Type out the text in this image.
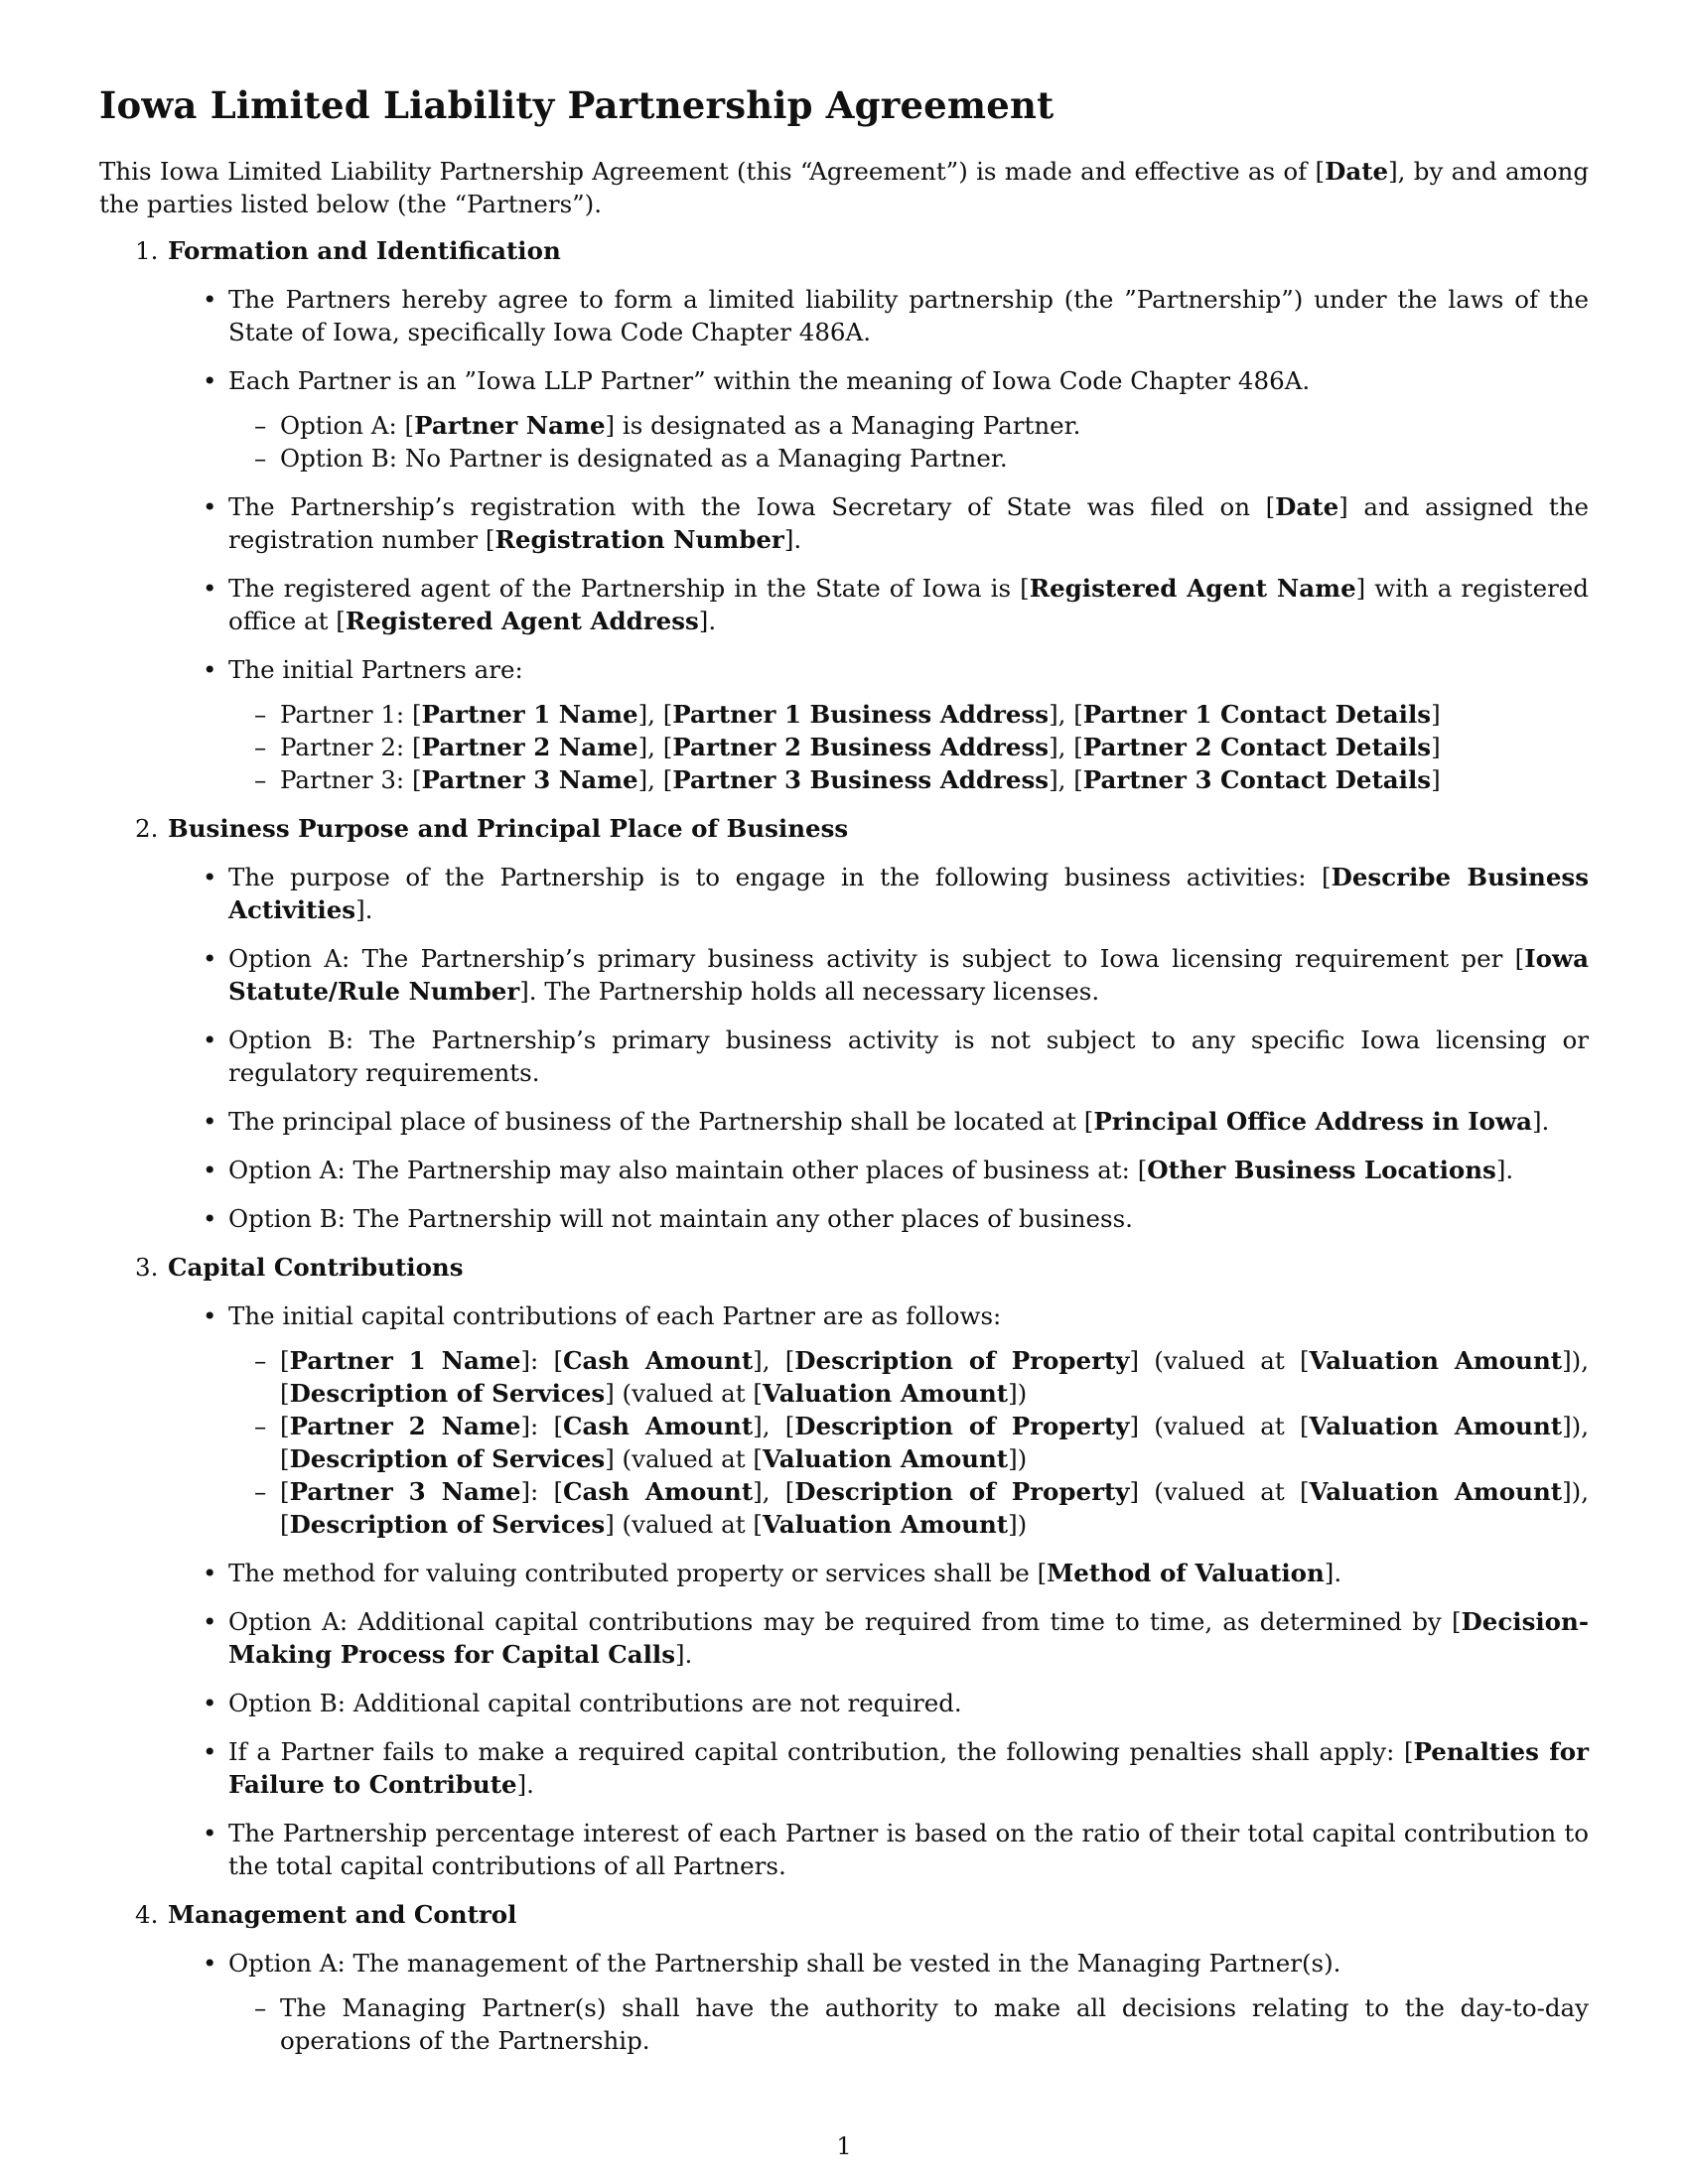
Iowa Limited Liability Partnership Agreement

This Iowa Limited Liability Partnership Agreement (this “Agreement”) is made and effective as of [Date], by and among the parties listed below (the “Partners”).

1. Formation and Identification
• The Partners hereby agree to form a limited liability partnership (the ”Partnership”) under the laws of the State of Iowa, specifically Iowa Code Chapter 486A.
• Each Partner is an ”Iowa LLP Partner” within the meaning of Iowa Code Chapter 486A.
– Option A: [Partner Name] is designated as a Managing Partner.
– Option B: No Partner is designated as a Managing Partner.
• The Partnership’s registration with the Iowa Secretary of State was filed on [Date] and assigned the registration number [Registration Number].
• The registered agent of the Partnership in the State of Iowa is [Registered Agent Name] with a registered office at [Registered Agent Address].
• The initial Partners are:
– Partner 1: [Partner 1 Name], [Partner 1 Business Address], [Partner 1 Contact Details]
– Partner 2: [Partner 2 Name], [Partner 2 Business Address], [Partner 2 Contact Details]
– Partner 3: [Partner 3 Name], [Partner 3 Business Address], [Partner 3 Contact Details]
2. Business Purpose and Principal Place of Business
• The purpose of the Partnership is to engage in the following business activities: [Describe Business Activities].
• Option A: The Partnership’s primary business activity is subject to Iowa licensing requirement per [Iowa Statute/Rule Number]. The Partnership holds all necessary licenses.
• Option B: The Partnership’s primary business activity is not subject to any specific Iowa licensing or regulatory requirements.
• The principal place of business of the Partnership shall be located at [Principal Office Address in Iowa].
• Option A: The Partnership may also maintain other places of business at: [Other Business Locations].
• Option B: The Partnership will not maintain any other places of business.
3. Capital Contributions
• The initial capital contributions of each Partner are as follows:
– [Partner 1 Name]: [Cash Amount], [Description of Property] (valued at [Valuation Amount]), [Description of Services] (valued at [Valuation Amount])
– [Partner 2 Name]: [Cash Amount], [Description of Property] (valued at [Valuation Amount]), [Description of Services] (valued at [Valuation Amount])
– [Partner 3 Name]: [Cash Amount], [Description of Property] (valued at [Valuation Amount]), [Description of Services] (valued at [Valuation Amount])
• The method for valuing contributed property or services shall be [Method of Valuation].
• Option A: Additional capital contributions may be required from time to time, as determined by [Decision-Making Process for Capital Calls].
• Option B: Additional capital contributions are not required.
• If a Partner fails to make a required capital contribution, the following penalties shall apply: [Penalties for Failure to Contribute].
• The Partnership percentage interest of each Partner is based on the ratio of their total capital contribution to the total capital contributions of all Partners.
4. Management and Control
• Option A: The management of the Partnership shall be vested in the Managing Partner(s).
– The Managing Partner(s) shall have the authority to make all decisions relating to the day-to-day operations of the Partnership.
1
